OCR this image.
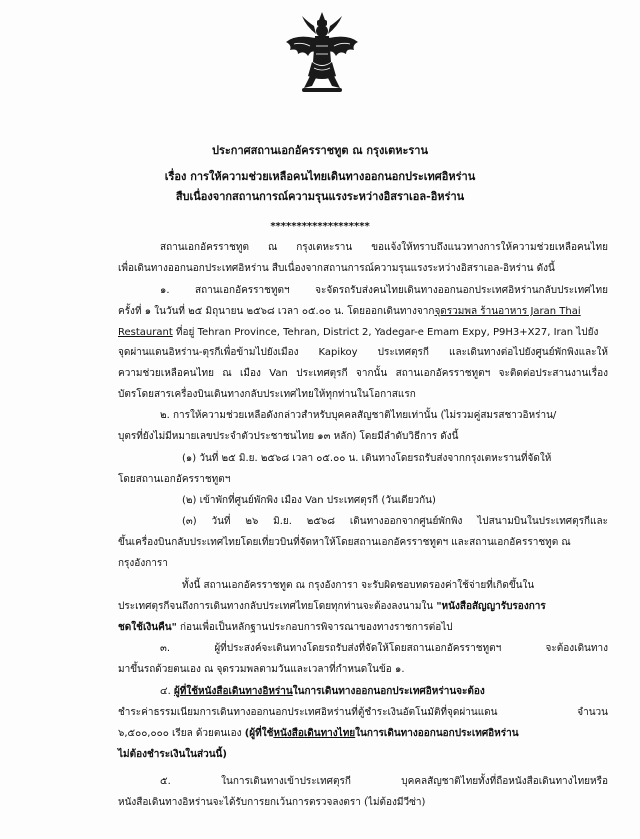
ประกาศสถานเอกอัครราชทูต ณ กรุงเตหะราน
เรื่อง การให้ความช่วยเหลือคนไทยเดินทางออกนอกประเทศอิหร่าน
สืบเนื่องจากสถานการณ์ความรุนแรงระหว่างอิสราเอล-อิหร่าน
*******************
สถานเอกอัครราชทูต ณ กรุงเตหะราน ขอแจ้งให้ทราบถึงแนวทางการให้ความช่วยเหลือคนไทย
เพื่อเดินทางออกนอกประเทศอิหร่าน สืบเนื่องจากสถานการณ์ความรุนแรงระหว่างอิสราเอล-อิหร่าน ดังนี้
๑. สถานเอกอัครราชทูตฯ จะจัดรถรับส่งคนไทยเดินทางออกนอกประเทศอิหร่านกลับประเทศไทย
ครั้งที่ ๑ ในวันที่ ๒๕ มิถุนายน ๒๕๖๘ เวลา ๐๕.๐๐ น. โดยออกเดินทางจากจุดรวมพล ร้านอาหาร Jaran Thai
Restaurant ที่อยู่ Tehran Province, Tehran, District 2, Yadegar-e Emam Expy, P9H3+X27, Iran ไปยัง
จุดผ่านแดนอิหร่าน-ตุรกีเพื่อข้ามไปยังเมือง Kapikoy ประเทศตุรกี และเดินทางต่อไปยังศูนย์พักพิงและให้
ความช่วยเหลือคนไทย ณ เมือง Van ประเทศตุรกี จากนั้น สถานเอกอัครราชทูตฯ จะติดต่อประสานงานเรื่อง
บัตรโดยสารเครื่องบินเดินทางกลับประเทศไทยให้ทุกท่านในโอกาสแรก
๒. การให้ความช่วยเหลือดังกล่าวสำหรับบุคคลสัญชาติไทยเท่านั้น (ไม่รวมคู่สมรสชาวอิหร่าน/
บุตรที่ยังไม่มีหมายเลขประจำตัวประชาชนไทย ๑๓ หลัก) โดยมีลำดับวิธีการ ดังนี้
(๑) วันที่ ๒๕ มิ.ย. ๒๕๖๘ เวลา ๐๕.๐๐ น. เดินทางโดยรถรับส่งจากกรุงเตหะรานที่จัดให้
โดยสถานเอกอัครราชทูตฯ
(๒) เข้าพักที่ศูนย์พักพิง เมือง Van ประเทศตุรกี (วันเดียวกัน)
(๓) วันที่ ๒๖ มิ.ย. ๒๕๖๘ เดินทางออกจากศูนย์พักพิง ไปสนามบินในประเทศตุรกีและ
ขึ้นเครื่องบินกลับประเทศไทยโดยเที่ยวบินที่จัดหาให้โดยสถานเอกอัครราชทูตฯ และสถานเอกอัครราชทูต ณ
กรุงอังการา
ทั้งนี้ สถานเอกอัครราชทูต ณ กรุงอังการา จะรับผิดชอบทดรองค่าใช้จ่ายที่เกิดขึ้นใน
ประเทศตุรกีจนถึงการเดินทางกลับประเทศไทยโดยทุกท่านจะต้องลงนามใน "หนังสือสัญญารับรองการ
ชดใช้เงินคืน" ก่อนเพื่อเป็นหลักฐานประกอบการพิจารณาของทางราชการต่อไป
๓. ผู้ที่ประสงค์จะเดินทางโดยรถรับส่งที่จัดให้โดยสถานเอกอัครราชทูตฯ จะต้องเดินทาง
มาขึ้นรถด้วยตนเอง ณ จุดรวมพลตามวันและเวลาที่กำหนดในข้อ ๑.
๔. ผู้ที่ใช้หนังสือเดินทางอิหร่านในการเดินทางออกนอกประเทศอิหร่านจะต้อง
ชำระค่าธรรมเนียมการเดินทางออกนอกประเทศอิหร่านที่ตู้ชำระเงินอัตโนมัติที่จุดผ่านแดน จำนวน
๖,๕๐๐,๐๐๐ เรียล ด้วยตนเอง (ผู้ที่ใช้หนังสือเดินทางไทยในการเดินทางออกนอกประเทศอิหร่าน
ไม่ต้องชำระเงินในส่วนนี้)
๕. ในการเดินทางเข้าประเทศตุรกี บุคคลสัญชาติไทยทั้งที่ถือหนังสือเดินทางไทยหรือ
หนังสือเดินทางอิหร่านจะได้รับการยกเว้นการตรวจลงตรา (ไม่ต้องมีวีซ่า)
